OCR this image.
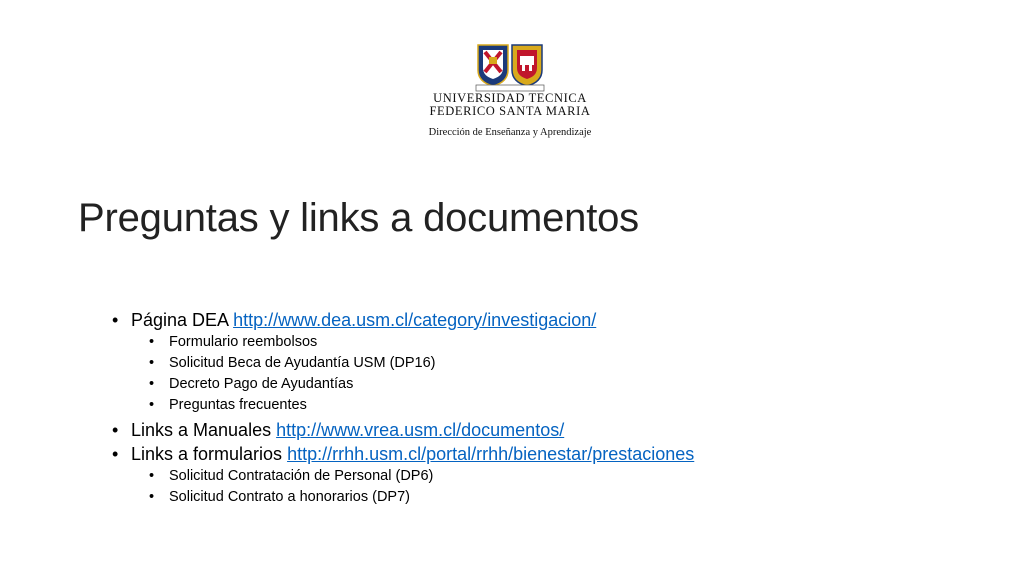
UNIVERSIDAD TECNICA
FEDERICO SANTA MARIA
Dirección de Enseñanza y Aprendizaje
Preguntas y links a documentos
• Página DEA http://www.dea.usm.cl/category/investigacion/
• Formulario reembolsos
• Solicitud Beca de Ayudantía USM (DP16)
• Decreto Pago de Ayudantías
• Preguntas frecuentes
• Links a Manuales http://www.vrea.usm.cl/documentos/
• Links a formularios http://rrhh.usm.cl/portal/rrhh/bienestar/prestaciones
• Solicitud Contratación de Personal (DP6)
• Solicitud Contrato a honorarios (DP7)
